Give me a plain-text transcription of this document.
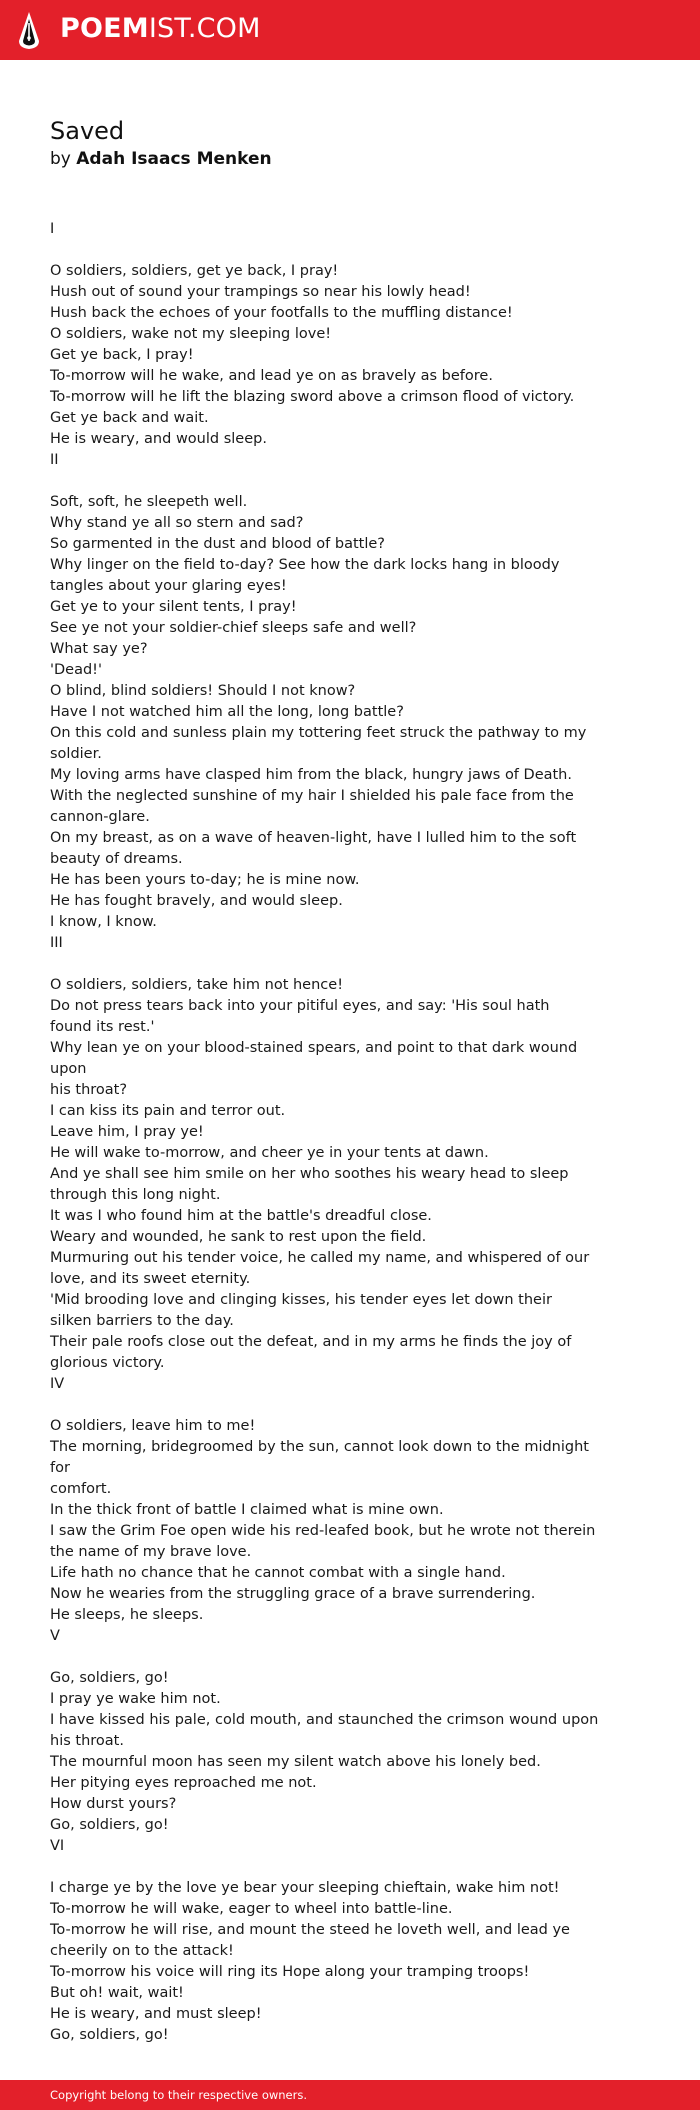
POEMIST.COM
Saved
by Adah Isaacs Menken
I
O soldiers, soldiers, get ye back, I pray!
Hush out of sound your trampings so near his lowly head!
Hush back the echoes of your footfalls to the muffling distance!
O soldiers, wake not my sleeping love!
Get ye back, I pray!
To-morrow will he wake, and lead ye on as bravely as before.
To-morrow will he lift the blazing sword above a crimson flood of victory.
Get ye back and wait.
He is weary, and would sleep.
II
Soft, soft, he sleepeth well.
Why stand ye all so stern and sad?
So garmented in the dust and blood of battle?
Why linger on the field to-day? See how the dark locks hang in bloody
tangles about your glaring eyes!
Get ye to your silent tents, I pray!
See ye not your soldier-chief sleeps safe and well?
What say ye?
'Dead!'
O blind, blind soldiers! Should I not know?
Have I not watched him all the long, long battle?
On this cold and sunless plain my tottering feet struck the pathway to my
soldier.
My loving arms have clasped him from the black, hungry jaws of Death.
With the neglected sunshine of my hair I shielded his pale face from the
cannon-glare.
On my breast, as on a wave of heaven-light, have I lulled him to the soft
beauty of dreams.
He has been yours to-day; he is mine now.
He has fought bravely, and would sleep.
I know, I know.
III
O soldiers, soldiers, take him not hence!
Do not press tears back into your pitiful eyes, and say: 'His soul hath
found its rest.'
Why lean ye on your blood-stained spears, and point to that dark wound upon
his throat?
I can kiss its pain and terror out.
Leave him, I pray ye!
He will wake to-morrow, and cheer ye in your tents at dawn.
And ye shall see him smile on her who soothes his weary head to sleep
through this long night.
It was I who found him at the battle's dreadful close.
Weary and wounded, he sank to rest upon the field.
Murmuring out his tender voice, he called my name, and whispered of our
love, and its sweet eternity.
'Mid brooding love and clinging kisses, his tender eyes let down their
silken barriers to the day.
Their pale roofs close out the defeat, and in my arms he finds the joy of
glorious victory.
IV
O soldiers, leave him to me!
The morning, bridegroomed by the sun, cannot look down to the midnight for
comfort.
In the thick front of battle I claimed what is mine own.
I saw the Grim Foe open wide his red-leafed book, but he wrote not therein
the name of my brave love.
Life hath no chance that he cannot combat with a single hand.
Now he wearies from the struggling grace of a brave surrendering.
He sleeps, he sleeps.
V
Go, soldiers, go!
I pray ye wake him not.
I have kissed his pale, cold mouth, and staunched the crimson wound upon
his throat.
The mournful moon has seen my silent watch above his lonely bed.
Her pitying eyes reproached me not.
How durst yours?
Go, soldiers, go!
VI
I charge ye by the love ye bear your sleeping chieftain, wake him not!
To-morrow he will wake, eager to wheel into battle-line.
To-morrow he will rise, and mount the steed he loveth well, and lead ye
cheerily on to the attack!
To-morrow his voice will ring its Hope along your tramping troops!
But oh! wait, wait!
He is weary, and must sleep!
Go, soldiers, go!
Copyright belong to their respective owners.
